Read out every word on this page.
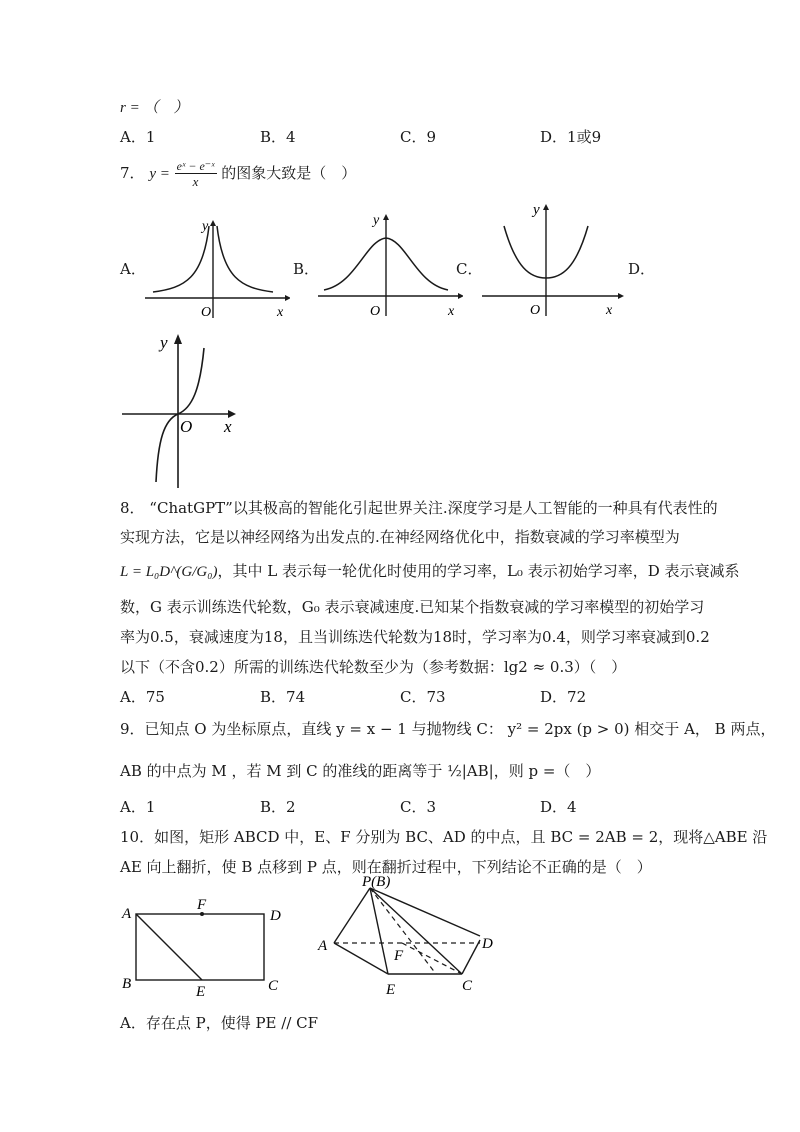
r = （　）
A．1	B．4	C．9	D．1或9
7． $y = \frac{\text{eˣ − e⁻ˣ}}{x}$ 的图象大致是（　）
A．	B．	C．	D．
y
O	x
y
O	x
y
O	x
y
O x
8． “ChatGPT”以其极高的智能化引起世界关注.深度学习是人工智能的一种具有代表性的
实现方法，它是以神经网络为出发点的.在神经网络优化中，指数衰减的学习率模型为
L = L₀D^(G/G₀)，其中 L 表示每一轮优化时使用的学习率，L₀ 表示初始学习率，D 表示衰减系
数，G 表示训练迭代轮数，G₀ 表示衰减速度.已知某个指数衰减的学习率模型的初始学习
率为0.5，衰减速度为18，且当训练迭代轮数为18时，学习率为0.4，则学习率衰减到0.2
以下（不含0.2）所需的训练迭代轮数至少为（参考数据：lg2 ≈ 0.3）（　）
A．75	B．74	C．73	D．72
9．已知点 O 为坐标原点，直线 y = x − 1 与抛物线 C： y² = 2px (p > 0) 相交于 A， B 两点，
AB 的中点为 M ，若 M 到 C 的准线的距离等于 ½|AB|，则 p =（　）
A．1	B．2	C．3	D．4
10．如图，矩形 ABCD 中，E、F 分别为 BC、AD 的中点，且 BC = 2AB = 2，现将△ABE 沿
AE 向上翻折，使 B 点移到 P 点，则在翻折过程中，下列结论不正确的是（　）
A
F
D
B	E	C
P(B)
A	D
F
E	C
A．存在点 P，使得 PE // CF
